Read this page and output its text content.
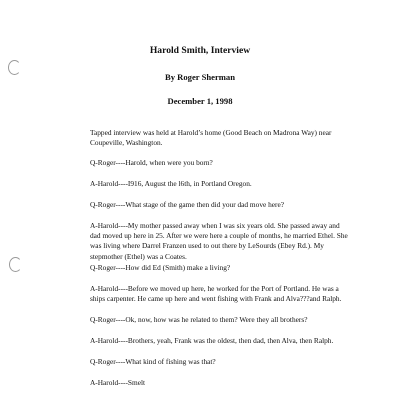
Harold Smith, Interview
By Roger Sherman
December 1, 1998
Tapped interview was held at Harold’s home (Good Beach on Madrona Way) near Coupeville, Washington.
Q-Roger----Harold, when were you born?
A-Harold----I916, August the l6th, in Portland Oregon.
Q-Roger----What stage of the game then did your dad move here?
A-Harold----My mother passed away when I was six years old. She passed away and dad moved up here in 25. After we were here a couple of months, he married Ethel. She was living where Darrel Franzen used to out there by LeSourds (Ebey Rd.). My stepmother (Ethel) was a Coates.
Q-Roger----How did Ed (Smith) make a living?
A-Harold----Before we moved up here, he worked for the Port of Portland. He was a ships carpenter. He came up here and went fishing with Frank and Alva???and Ralph.
Q-Roger----Ok, now, how was he related to them? Were they all brothers?
A-Harold----Brothers, yeah, Frank was the oldest, then dad, then Alva, then Ralph.
Q-Roger----What kind of fishing was that?
A-Harold----Smelt
